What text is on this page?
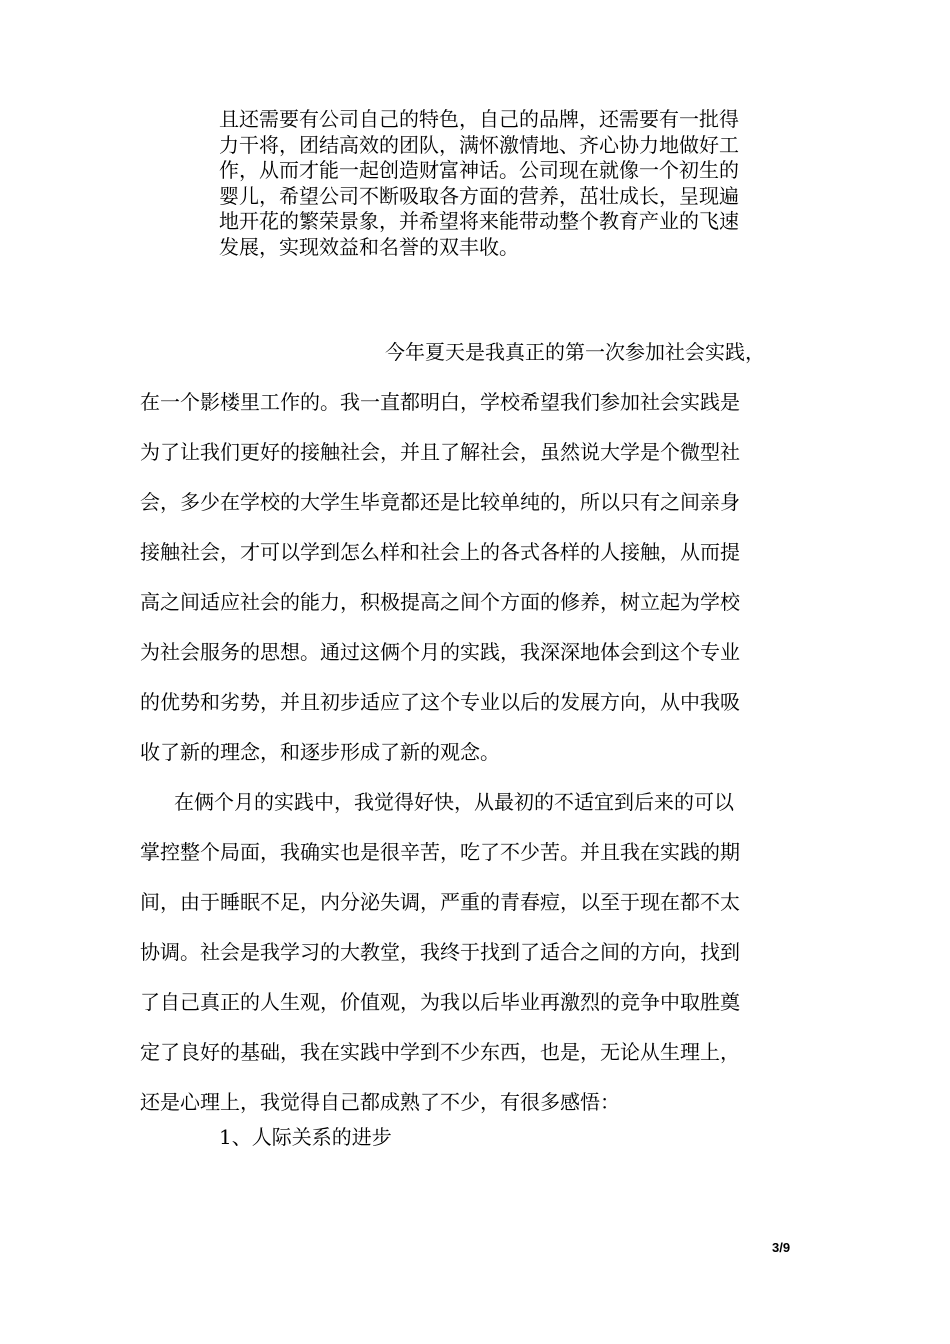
且还需要有公司自己的特色，自己的品牌，还需要有一批得
力干将，团结高效的团队，满怀激情地、齐心协力地做好工
作，从而才能一起创造财富神话。公司现在就像一个初生的
婴儿，希望公司不断吸取各方面的营养，茁壮成长，呈现遍
地开花的繁荣景象，并希望将来能带动整个教育产业的飞速
发展，实现效益和名誉的双丰收。
今年夏天是我真正的第一次参加社会实践，
在一个影楼里工作的。我一直都明白，学校希望我们参加社会实践是
为了让我们更好的接触社会，并且了解社会，虽然说大学是个微型社
会，多少在学校的大学生毕竟都还是比较单纯的，所以只有之间亲身
接触社会，才可以学到怎么样和社会上的各式各样的人接触，从而提
高之间适应社会的能力，积极提高之间个方面的修养，树立起为学校
为社会服务的思想。通过这俩个月的实践，我深深地体会到这个专业
的优势和劣势，并且初步适应了这个专业以后的发展方向，从中我吸
收了新的理念，和逐步形成了新的观念。
在俩个月的实践中，我觉得好快，从最初的不适宜到后来的可以
掌控整个局面，我确实也是很辛苦，吃了不少苦。并且我在实践的期
间，由于睡眠不足，内分泌失调，严重的青春痘，以至于现在都不太
协调。社会是我学习的大教堂，我终于找到了适合之间的方向，找到
了自己真正的人生观，价值观，为我以后毕业再激烈的竞争中取胜奠
定了良好的基础，我在实践中学到不少东西，也是，无论从生理上，
还是心理上，我觉得自己都成熟了不少，有很多感悟：
1、人际关系的进步
3/9
